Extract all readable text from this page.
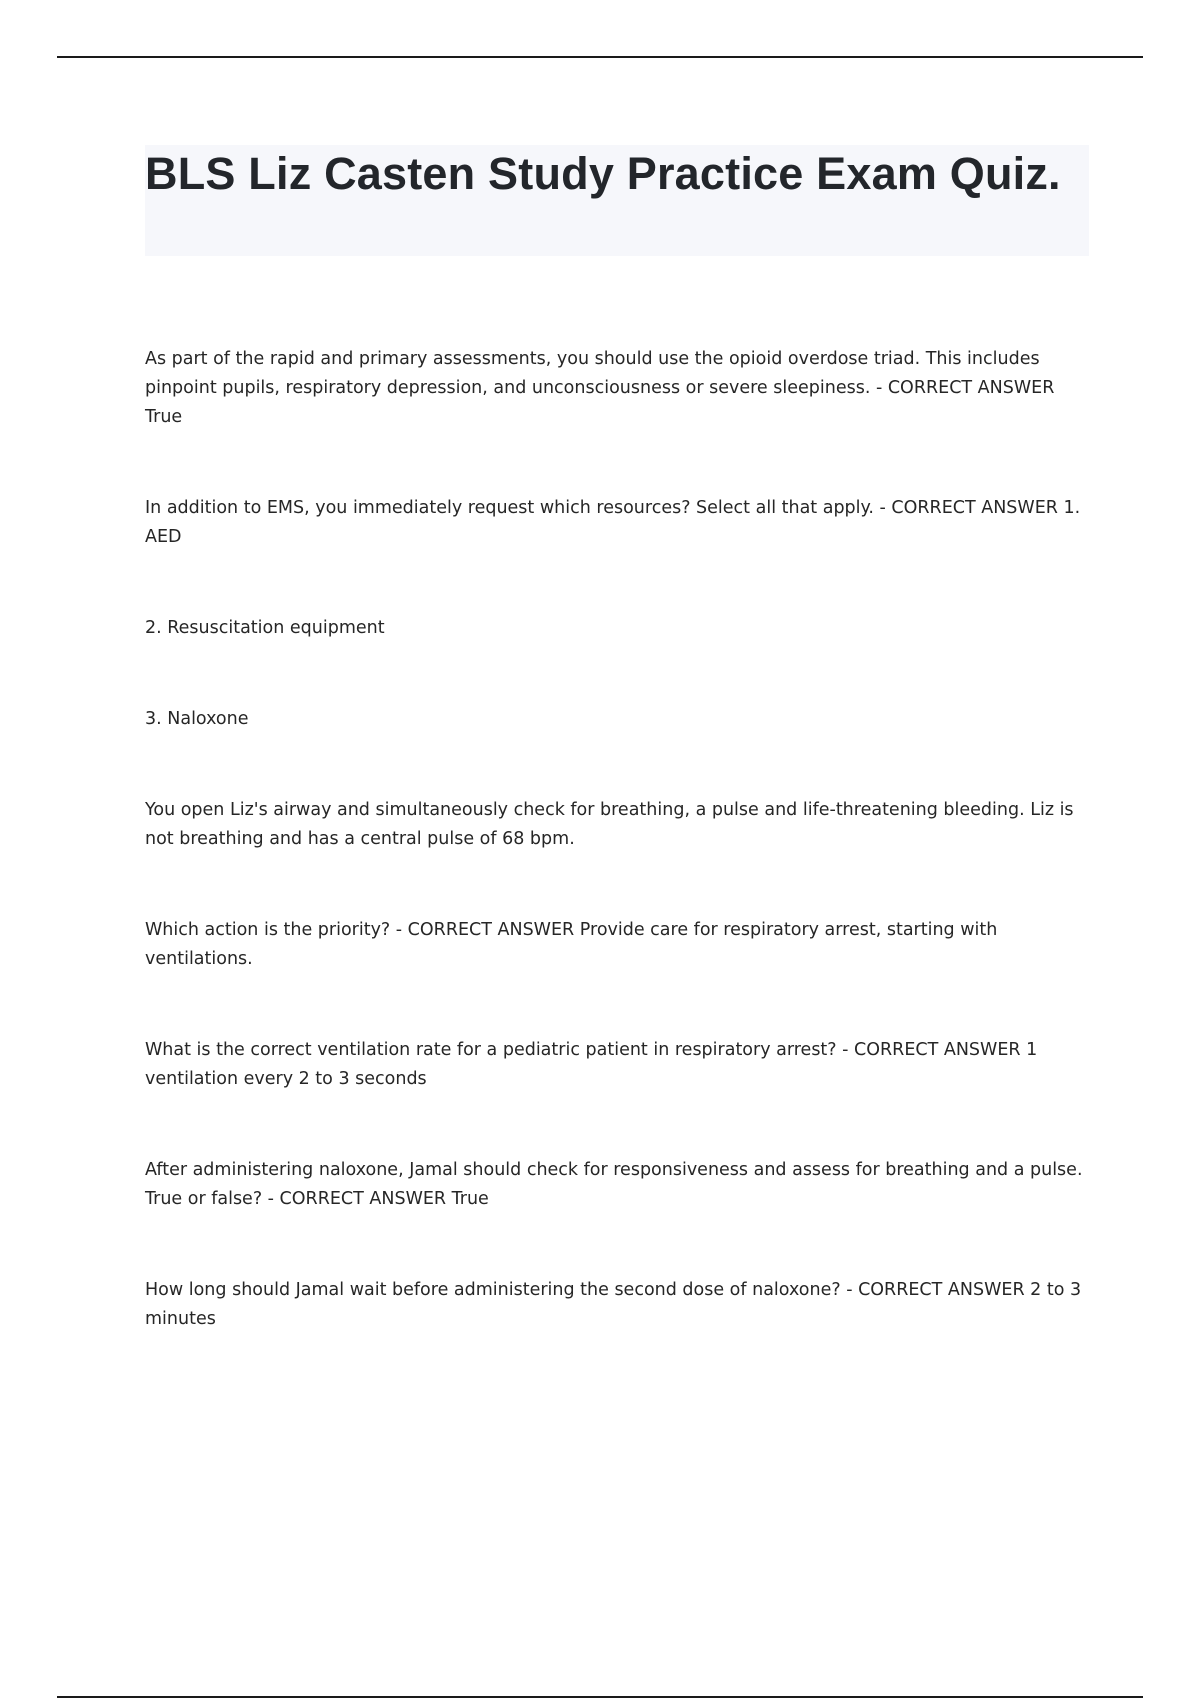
BLS Liz Casten Study Practice Exam Quiz.

As part of the rapid and primary assessments, you should use the opioid overdose triad. This includes pinpoint pupils, respiratory depression, and unconsciousness or severe sleepiness. - CORRECT ANSWER True

In addition to EMS, you immediately request which resources? Select all that apply. - CORRECT ANSWER 1. AED

2. Resuscitation equipment

3. Naloxone

You open Liz's airway and simultaneously check for breathing, a pulse and life-threatening bleeding. Liz is not breathing and has a central pulse of 68 bpm.

Which action is the priority? - CORRECT ANSWER Provide care for respiratory arrest, starting with ventilations.

What is the correct ventilation rate for a pediatric patient in respiratory arrest? - CORRECT ANSWER 1 ventilation every 2 to 3 seconds

After administering naloxone, Jamal should check for responsiveness and assess for breathing and a pulse. True or false? - CORRECT ANSWER True

How long should Jamal wait before administering the second dose of naloxone? - CORRECT ANSWER 2 to 3 minutes
